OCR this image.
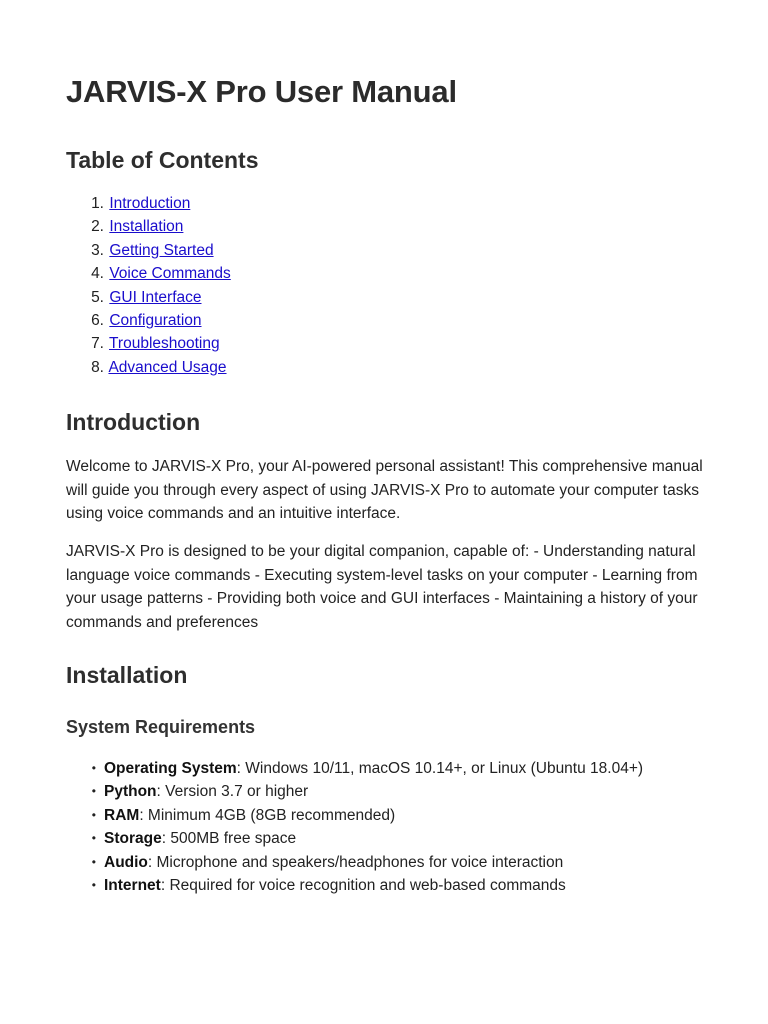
JARVIS-X Pro User Manual
Table of Contents
1. Introduction
2. Installation
3. Getting Started
4. Voice Commands
5. GUI Interface
6. Configuration
7. Troubleshooting
8. Advanced Usage
Introduction

Welcome to JARVIS-X Pro, your AI-powered personal assistant! This comprehensive manual will guide you through every aspect of using JARVIS-X Pro to automate your computer tasks using voice commands and an intuitive interface.

JARVIS-X Pro is designed to be your digital companion, capable of: - Understanding natural language voice commands - Executing system-level tasks on your computer - Learning from your usage patterns - Providing both voice and GUI interfaces - Maintaining a history of your commands and preferences

Installation
System Requirements
• Operating System: Windows 10/11, macOS 10.14+, or Linux (Ubuntu 18.04+)
• Python: Version 3.7 or higher
• RAM: Minimum 4GB (8GB recommended)
• Storage: 500MB free space
• Audio: Microphone and speakers/headphones for voice interaction
• Internet: Required for voice recognition and web-based commands
